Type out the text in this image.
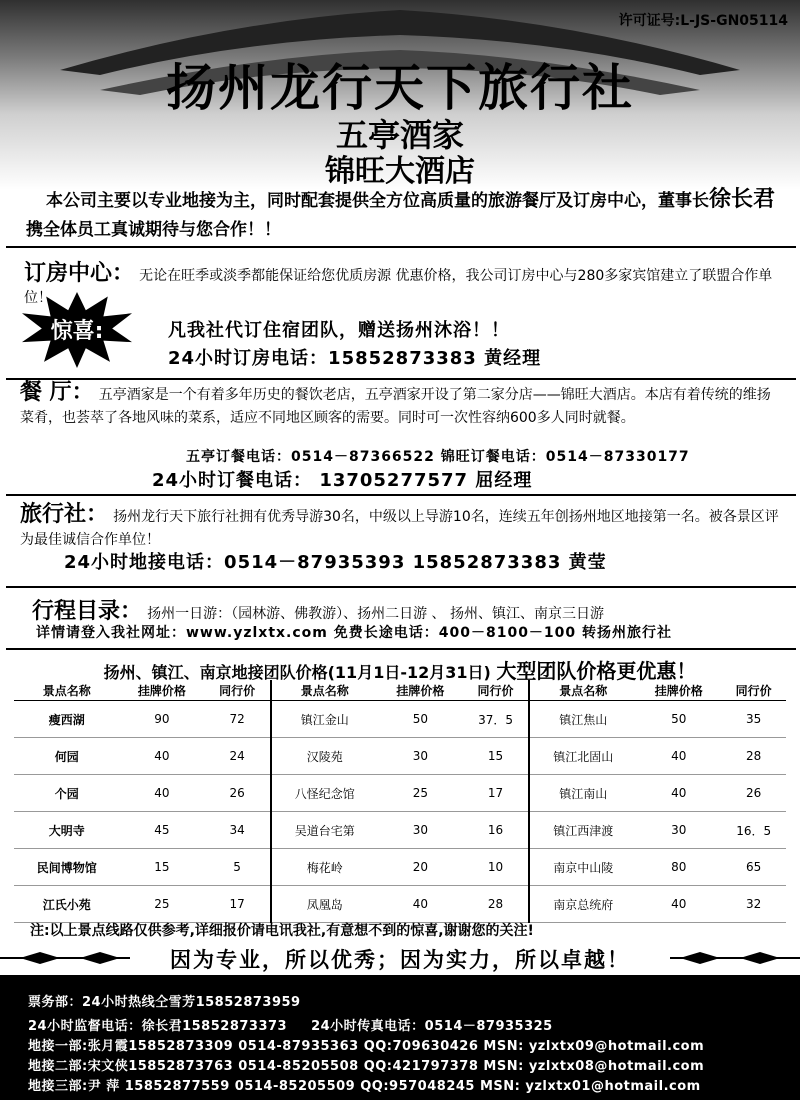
许可证号:L-JS-GN05114
扬州龙行天下旅行社
五亭酒家
锦旺大酒店
本公司主要以专业地接为主，同时配套提供全方位高质量的旅游餐厅及订房中心，董事长徐长君携全体员工真诚期待与您合作！！
订房中心： 无论在旺季或淡季都能保证给您优质房源 优惠价格，我公司订房中心与280多家宾馆建立了联盟合作单位！
惊喜:	凡我社代订住宿团队，赠送扬州沐浴！！
24小时订房电话：15852873383 黄经理
餐 厅： 五亭酒家是一个有着多年历史的餐饮老店，五亭酒家开设了第二家分店——锦旺大酒店。本店有着传统的维扬菜肴，也荟萃了各地风味的菜系，适应不同地区顾客的需要。同时可一次性容纳600多人同时就餐。
五亭订餐电话：0514－87366522 锦旺订餐电话：0514－87330177
24小时订餐电话： 13705277577 屈经理
旅行社： 扬州龙行天下旅行社拥有优秀导游30名，中级以上导游10名，连续五年创扬州地区地接第一名。被各景区评为最佳诚信合作单位！
24小时地接电话：0514－87935393 15852873383 黄莹
行程目录： 扬州一日游：（园林游、佛教游）、扬州二日游 、 扬州、镇江、南京三日游
详情请登入我社网址：www.yzlxtx.com 免费长途电话：400－8100－100 转扬州旅行社
扬州、镇江、南京地接团队价格(11月1日-12月31日) 大型团队价格更优惠！
景点名称	挂牌价格	同行价	景点名称	挂牌价格	同行价	景点名称	挂牌价格	同行价
瘦西湖	90	72	镇江金山	50	37．5	镇江焦山	50	35
何园	40	24	汉陵苑	30	15	镇江北固山	40	28
个园	40	26	八怪纪念馆	25	17	镇江南山	40	26
大明寺	45	34	吴道台宅第	30	16	镇江西津渡	30	16．5
民间博物馆	15	5	梅花岭	20	10	南京中山陵	80	65
江氏小苑	25	17	凤凰岛	40	28	南京总统府	40	32
注:以上景点线路仅供参考,详细报价请电讯我社,有意想不到的惊喜,谢谢您的关注!
因为专业，所以优秀；因为实力，所以卓越！
票务部：24小时热线仝雪芳15852873959
24小时监督电话：徐长君15852873373 24小时传真电话：0514－87935325
地接一部:张月霞15852873309 0514-87935363 QQ:709630426 MSN: yzlxtx09@hotmail.com
地接二部:宋文侠15852873763 0514-85205508 QQ:421797378 MSN: yzlxtx08@hotmail.com
地接三部:尹 萍 15852877559 0514-85205509 QQ:957048245 MSN: yzlxtx01@hotmail.com
